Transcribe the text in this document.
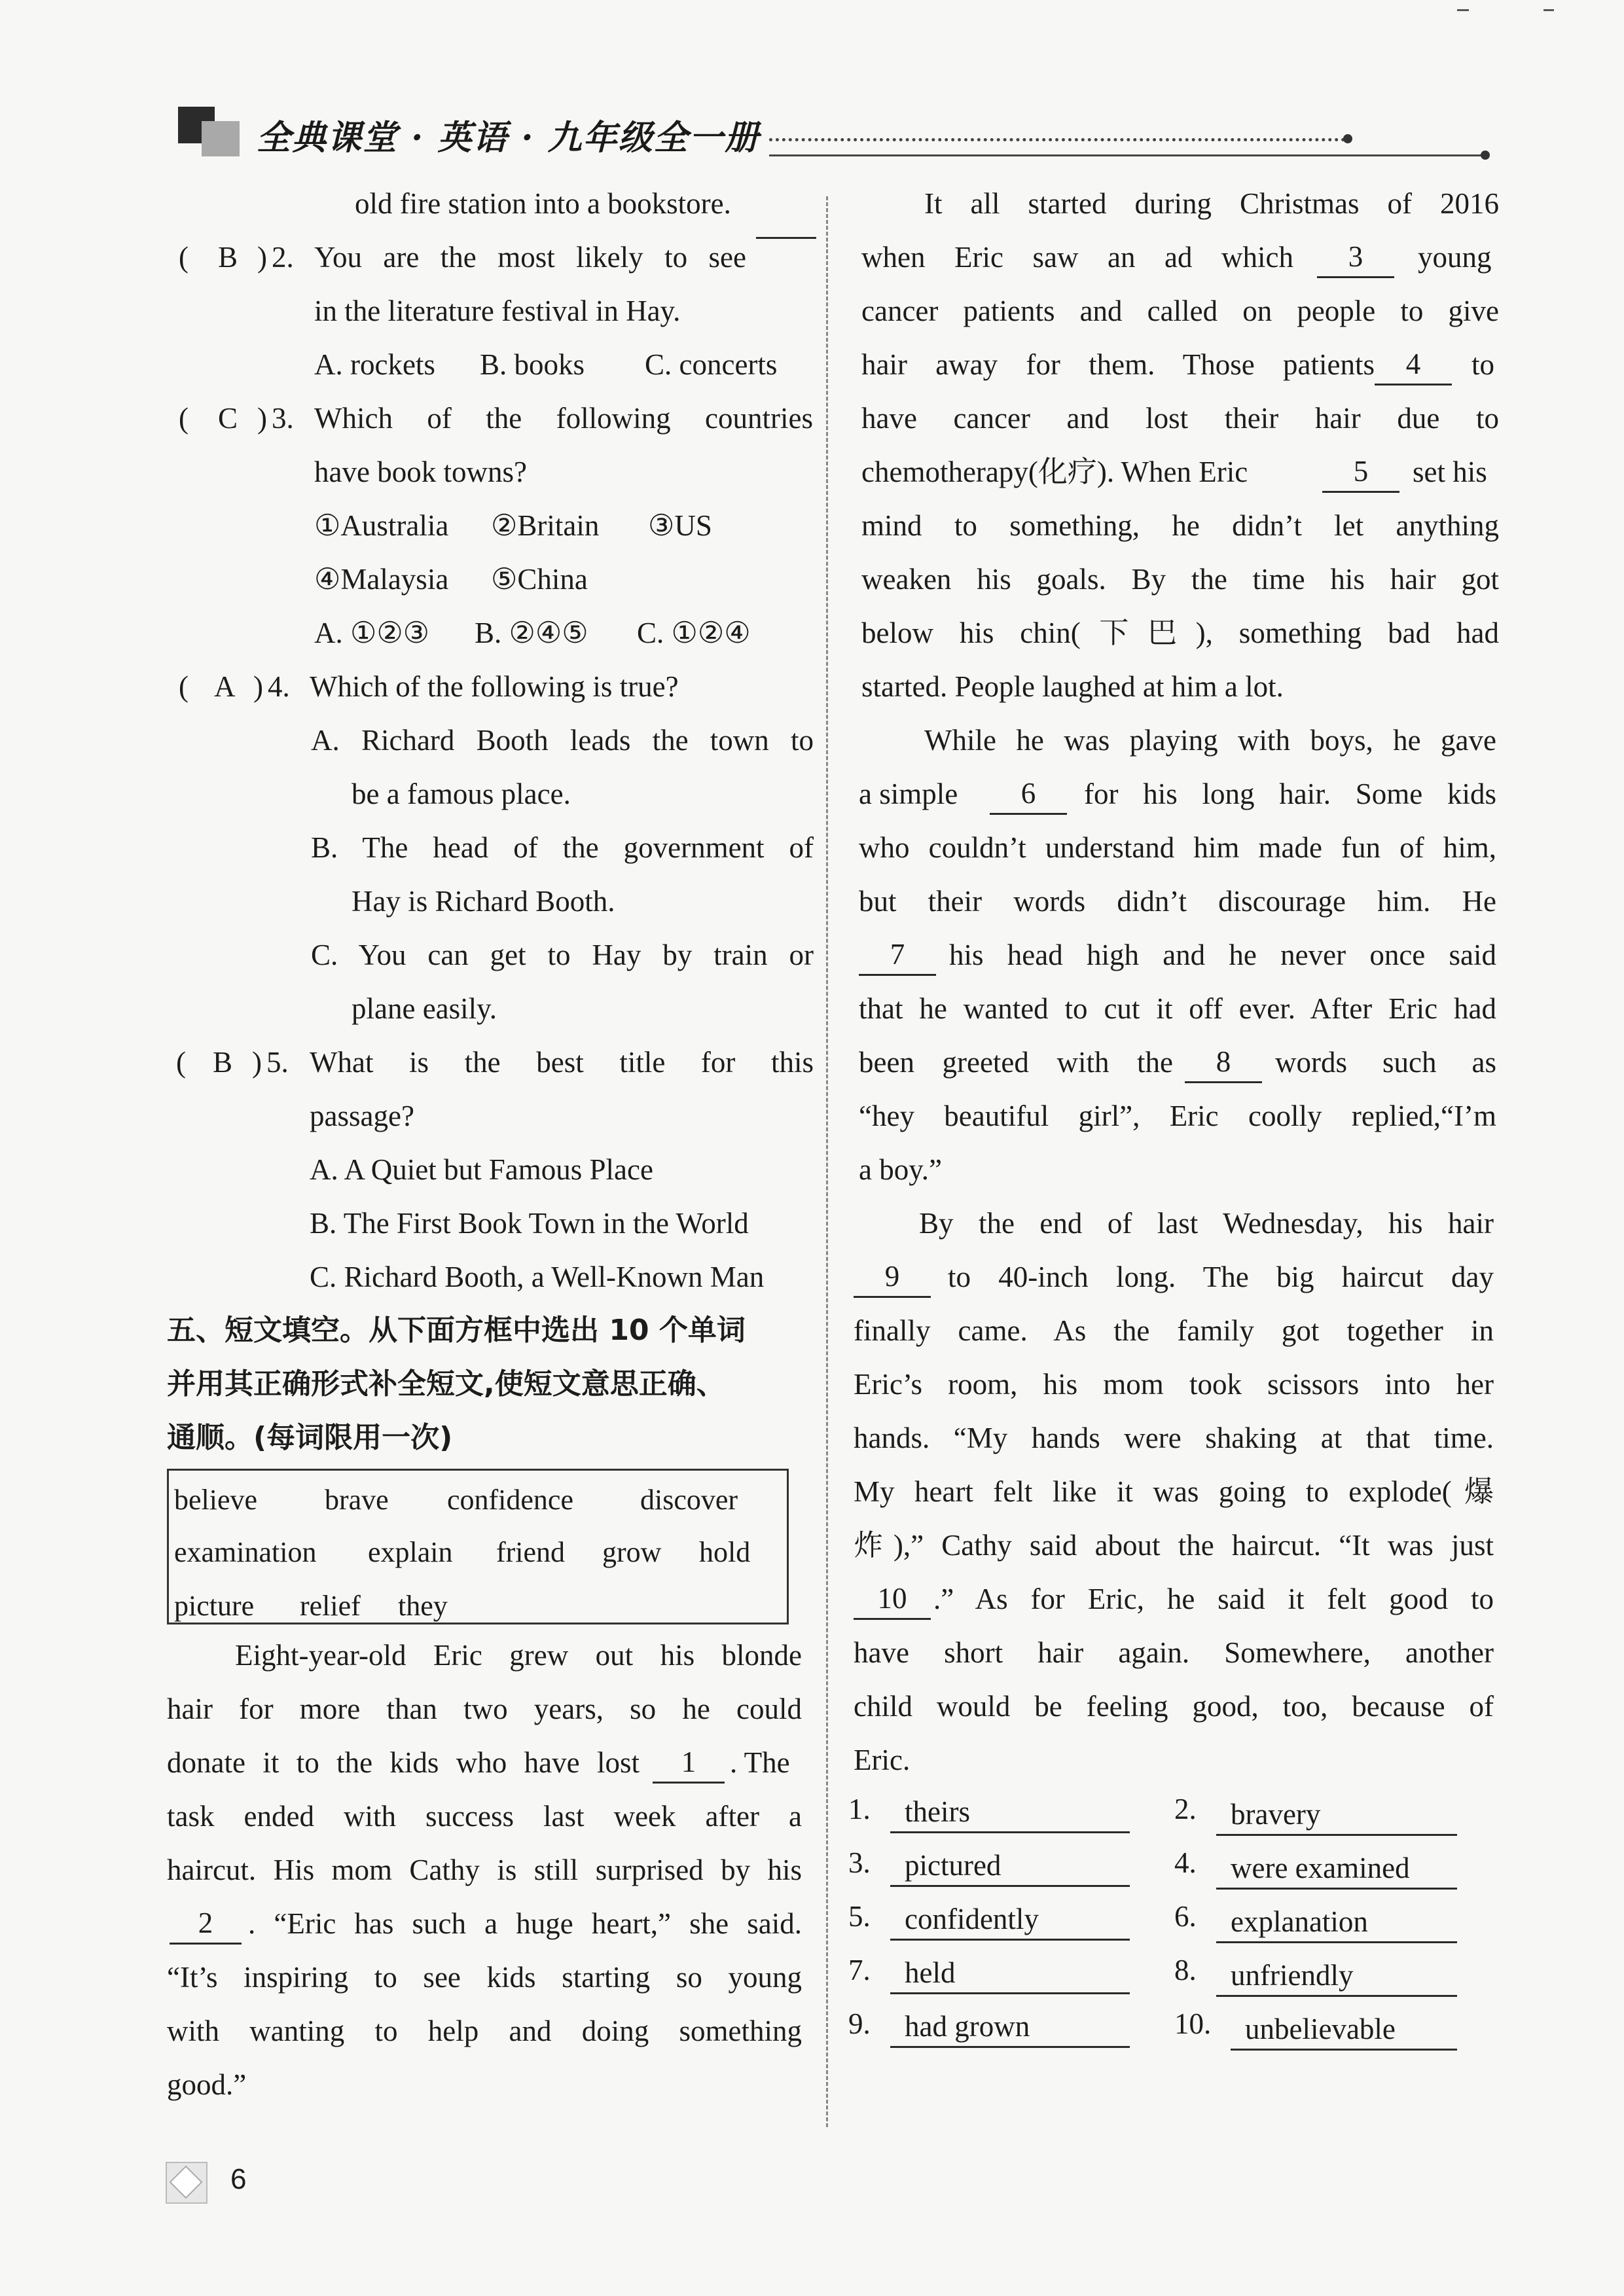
全典课堂 · 英语 · 九年级全一册
old fire station into a bookstore.
( B ) 2. You are the most likely to see
in the literature festival in Hay.
A. rockets B. books C. concerts
( C ) 3. Which of the following countries
have book towns?
①Australia ②Britain ③US
④Malaysia ⑤China
A. ①②③ B. ②④⑤ C. ①②④
( A ) 4. Which of the following is true?
A. Richard Booth leads the town to
be a famous place.
B. The head of the government of
Hay is Richard Booth.
C. You can get to Hay by train or
plane easily.
( B ) 5. What is the best title for this
passage?
A. A Quiet but Famous Place
B. The First Book Town in the World
C. Richard Booth, a Well-Known Man
五、短文填空。从下面方框中选出 10 个单词
并用其正确形式补全短文,使短文意思正确、
通顺。(每词限用一次)
believe brave confidence discover
examination explain friend grow hold
picture relief they
Eight-year-old Eric grew out his blonde
hair for more than two years, so he could
donate it to the kids who have lost	1	. The
task ended with success last week after a
haircut. His mom Cathy is still surprised by his
2	. “Eric has such a huge heart,” she said.
“It’s inspiring to see kids starting so young
with wanting to help and doing something
good.”
It all started during Christmas of 2016
when Eric saw an ad which	3	young
cancer patients and called on people to give
hair away for them. Those patients	4	to
have cancer and lost their hair due to
chemotherapy(化疗). When Eric	5	set his
mind to something, he didn’t let anything
weaken his goals. By the time his hair got
below his chin(下巴), something bad had
started. People laughed at him a lot.
While he was playing with boys, he gave
a simple	6	for his long hair. Some kids
who couldn’t understand him made fun of him,
but their words didn’t discourage him. He
7	his head high and he never once said
that he wanted to cut it off ever. After Eric had
been greeted with the	8	words such as
“hey beautiful girl”, Eric coolly replied,“I’m
a boy.”
By the end of last Wednesday, his hair
9	to 40-inch long. The big haircut day
finally came. As the family got together in
Eric’s room, his mom took scissors into her
hands. “My hands were shaking at that time.
My heart felt like it was going to explode(爆
炸),” Cathy said about the haircut. “It was just
10 .” As for Eric, he said it felt good to
have short hair again. Somewhere, another
child would be feeling good, too, because of
Eric.
1.	theirs	2.	bravery
3.	pictured	4.	were examined
5.	confidently	6.	explanation
7.	held	8.	unfriendly
9.	had grown	10.	unbelievable
6
